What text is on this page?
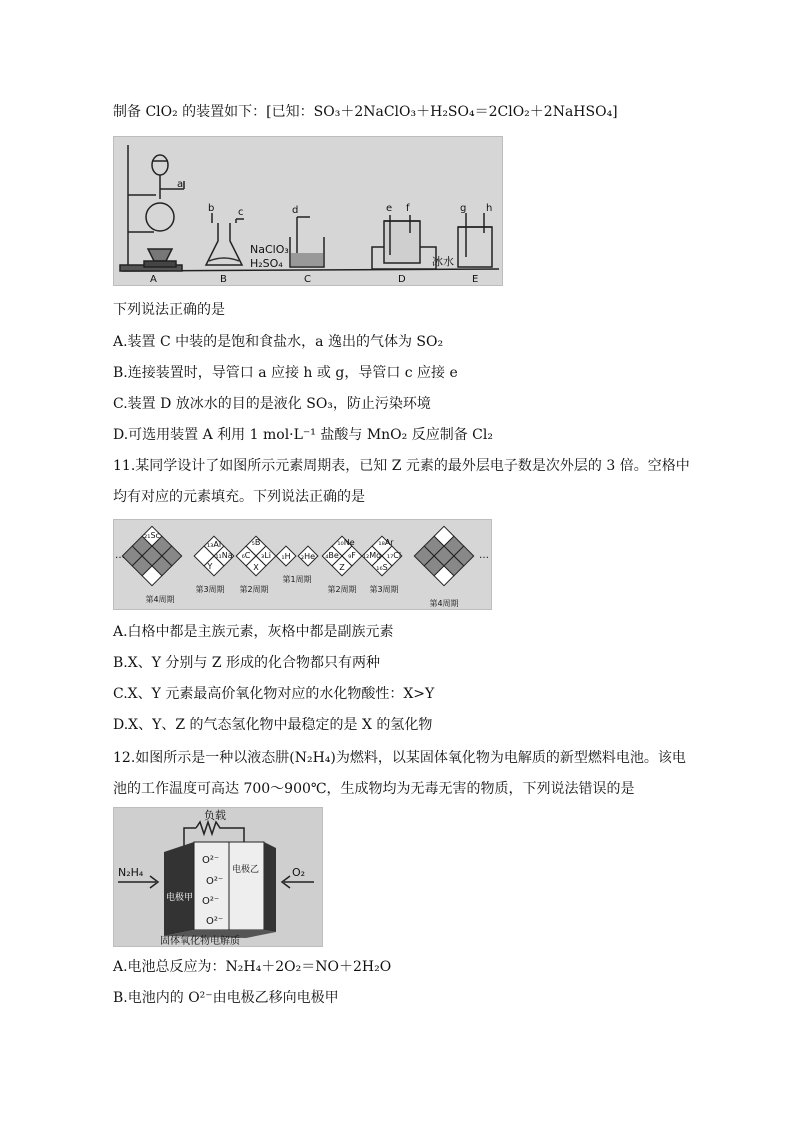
制备 ClO₂ 的装置如下：[已知：SO₃＋2NaClO₃＋H₂SO₄＝2ClO₂＋2NaHSO₄]
a
b c	d	e f	g h
NaClO₃
H₂SO₄	冰水
A	B	C	D	E
下列说法正确的是
A.装置 C 中装的是饱和食盐水，a 逸出的气体为 SO₂
B.连接装置时，导管口 a 应接 h 或 g，导管口 c 应接 e
C.装置 D 放冰水的目的是液化 SO₃，防止污染环境
D.可选用装置 A 利用 1 mol·L⁻¹ 盐酸与 MnO₂ 反应制备 Cl₂
11.某同学设计了如图所示元素周期表，已知 Z 元素的最外层电子数是次外层的 3 倍。空格中
均有对应的元素填充。下列说法正确的是
…	…
₂₁Sc
₁₃Al
₁₁Na
Y
₅B
₆C ₃Li
X
₁H ₂He
₁₀Ne
₄Be ₉F
Z
₁₈Ar
₁₂Mg ₁₇Cl
₁₆S
第4周期
第3周期 第2周期
第1周期
第2周期 第3周期
第4周期
A.白格中都是主族元素，灰格中都是副族元素
B.X、Y 分别与 Z 形成的化合物都只有两种
C.X、Y 元素最高价氧化物对应的水化物酸性：X>Y
D.X、Y、Z 的气态氢化物中最稳定的是 X 的氢化物
12.如图所示是一种以液态肼(N₂H₄)为燃料，以某固体氧化物为电解质的新型燃料电池。该电
池的工作温度可高达 700～900℃，生成物均为无毒无害的物质，下列说法错误的是
负载
N₂H₄	O₂
O²⁻
O²⁻
O²⁻
O²⁻
电极甲
电极乙
固体氧化物电解质
A.电池总反应为：N₂H₄＋2O₂＝NO＋2H₂O
B.电池内的 O²⁻由电极乙移向电极甲
